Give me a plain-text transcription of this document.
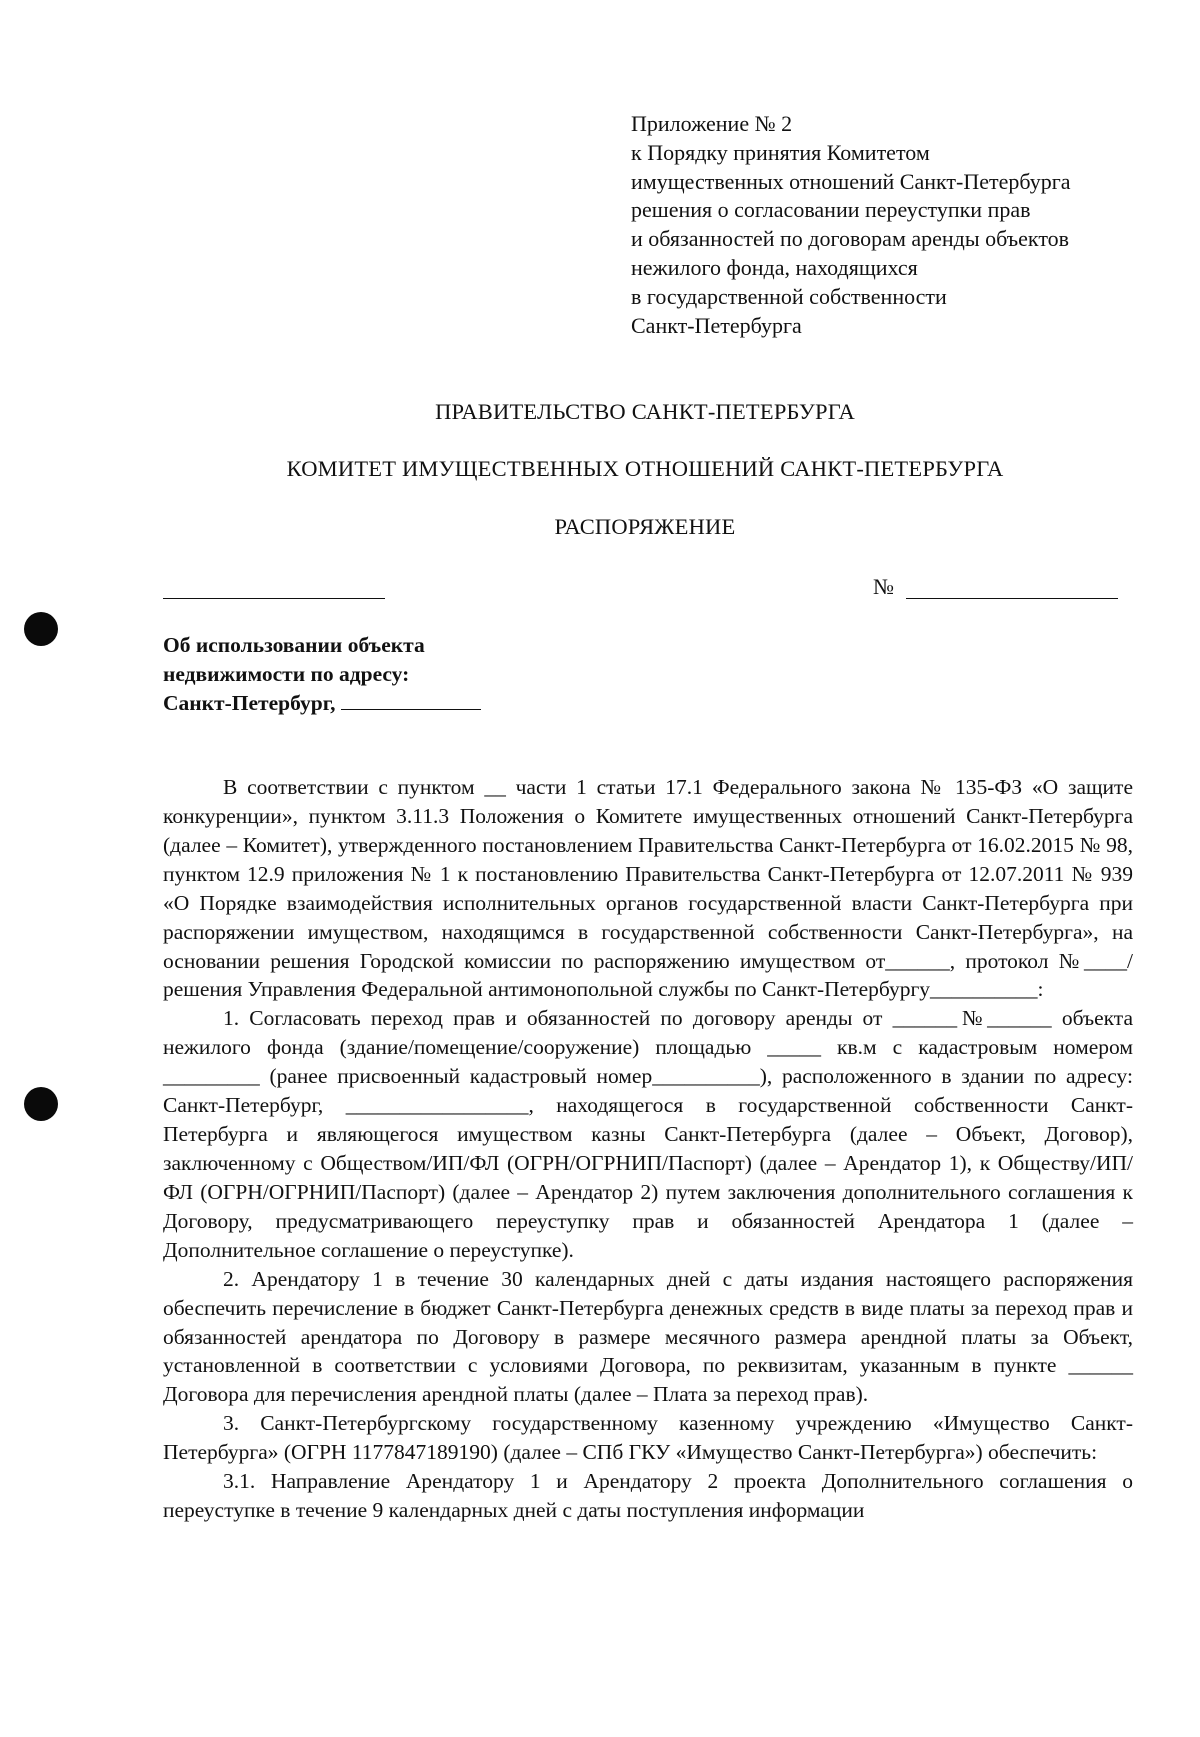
Приложение № 2
к Порядку принятия Комитетом
имущественных отношений Санкт-Петербурга
решения о согласовании переуступки прав
и обязанностей по договорам аренды объектов
нежилого фонда, находящихся
в государственной собственности
Санкт-Петербурга
ПРАВИТЕЛЬСТВО САНКТ-ПЕТЕРБУРГА
КОМИТЕТ ИМУЩЕСТВЕННЫХ ОТНОШЕНИЙ САНКТ-ПЕТЕРБУРГА
РАСПОРЯЖЕНИЕ
№
Об использовании объекта
недвижимости по адресу:
Санкт-Петербург,

В соответствии с пунктом __ части 1 статьи 17.1 Федерального закона № 135-ФЗ «О защите конкуренции», пунктом 3.11.3 Положения о Комитете имущественных отношений Санкт-Петербурга (далее – Комитет), утвержденного постановлением Правительства Санкт-Петербурга от 16.02.2015 № 98, пунктом 12.9 приложения № 1 к постановлению Правительства Санкт-Петербурга от 12.07.2011 № 939 «О Порядке взаимодействия исполнительных органов государственной власти Санкт-Петербурга при распоряжении имуществом, находящимся в государственной собственности Санкт-Петербурга», на основании решения Городской комиссии по распоряжению имуществом от______, протокол №____/решения Управления Федеральной антимонопольной службы по Санкт-Петербургу__________:

1. Согласовать переход прав и обязанностей по договору аренды от ______№______ объекта нежилого фонда (здание/помещение/сооружение) площадью _____ кв.м с кадастровым номером _________ (ранее присвоенный кадастровый номер__________), расположенного в здании по адресу: Санкт-Петербург, _________________, находящегося в государственной собственности Санкт-Петербурга и являющегося имуществом казны Санкт-Петербурга (далее – Объект, Договор), заключенному с Обществом/ИП/ФЛ (ОГРН/ОГРНИП/Паспорт) (далее – Арендатор 1), к Обществу/ИП/ФЛ (ОГРН/ОГРНИП/Паспорт) (далее – Арендатор 2) путем заключения дополнительного соглашения к Договору, предусматривающего переуступку прав и обязанностей Арендатора 1 (далее – Дополнительное соглашение о переуступке).

2. Арендатору 1 в течение 30 календарных дней с даты издания настоящего распоряжения обеспечить перечисление в бюджет Санкт-Петербурга денежных средств в виде платы за переход прав и обязанностей арендатора по Договору в размере месячного размера арендной платы за Объект, установленной в соответствии с условиями Договора, по реквизитам, указанным в пункте ______ Договора для перечисления арендной платы (далее – Плата за переход прав).

3. Санкт-Петербургскому государственному казенному учреждению «Имущество Санкт-Петербурга» (ОГРН 1177847189190) (далее – СПб ГКУ «Имущество Санкт-Петербурга») обеспечить:

3.1. Направление Арендатору 1 и Арендатору 2 проекта Дополнительного соглашения о переуступке в течение 9 календарных дней с даты поступления информации
